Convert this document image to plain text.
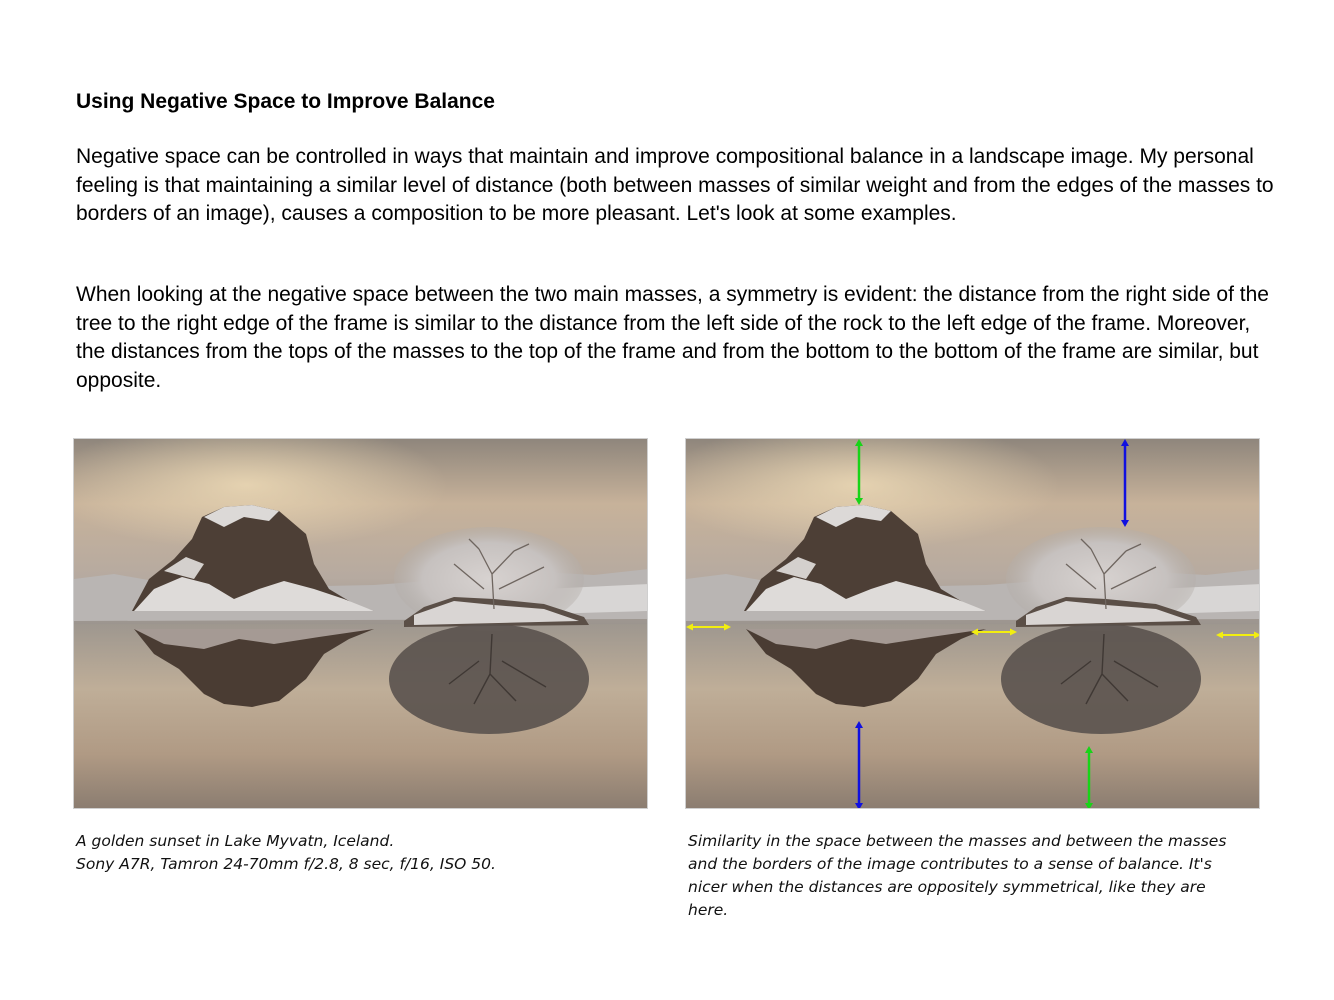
Using Negative Space to Improve Balance

Negative space can be controlled in ways that maintain and improve compositional balance in a landscape image. My personal feeling is that maintaining a similar level of distance (both between masses of similar weight and from the edges of the masses to borders of an image), causes a composition to be more pleasant. Let's look at some examples.

When looking at the negative space between the two main masses, a symmetry is evident: the distance from the right side of the tree to the right edge of the frame is similar to the distance from the left side of the rock to the left edge of the frame. Moreover, the distances from the tops of the masses to the top of the frame and from the bottom to the bottom of the frame are similar, but opposite.

A golden sunset in Lake Myvatn, Iceland.
Sony A7R, Tamron 24-70mm f/2.8, 8 sec, f/16, ISO 50.

Similarity in the space between the masses and between the masses and the borders of the image contributes to a sense of balance. It's nicer when the distances are oppositely symmetrical, like they are here.
